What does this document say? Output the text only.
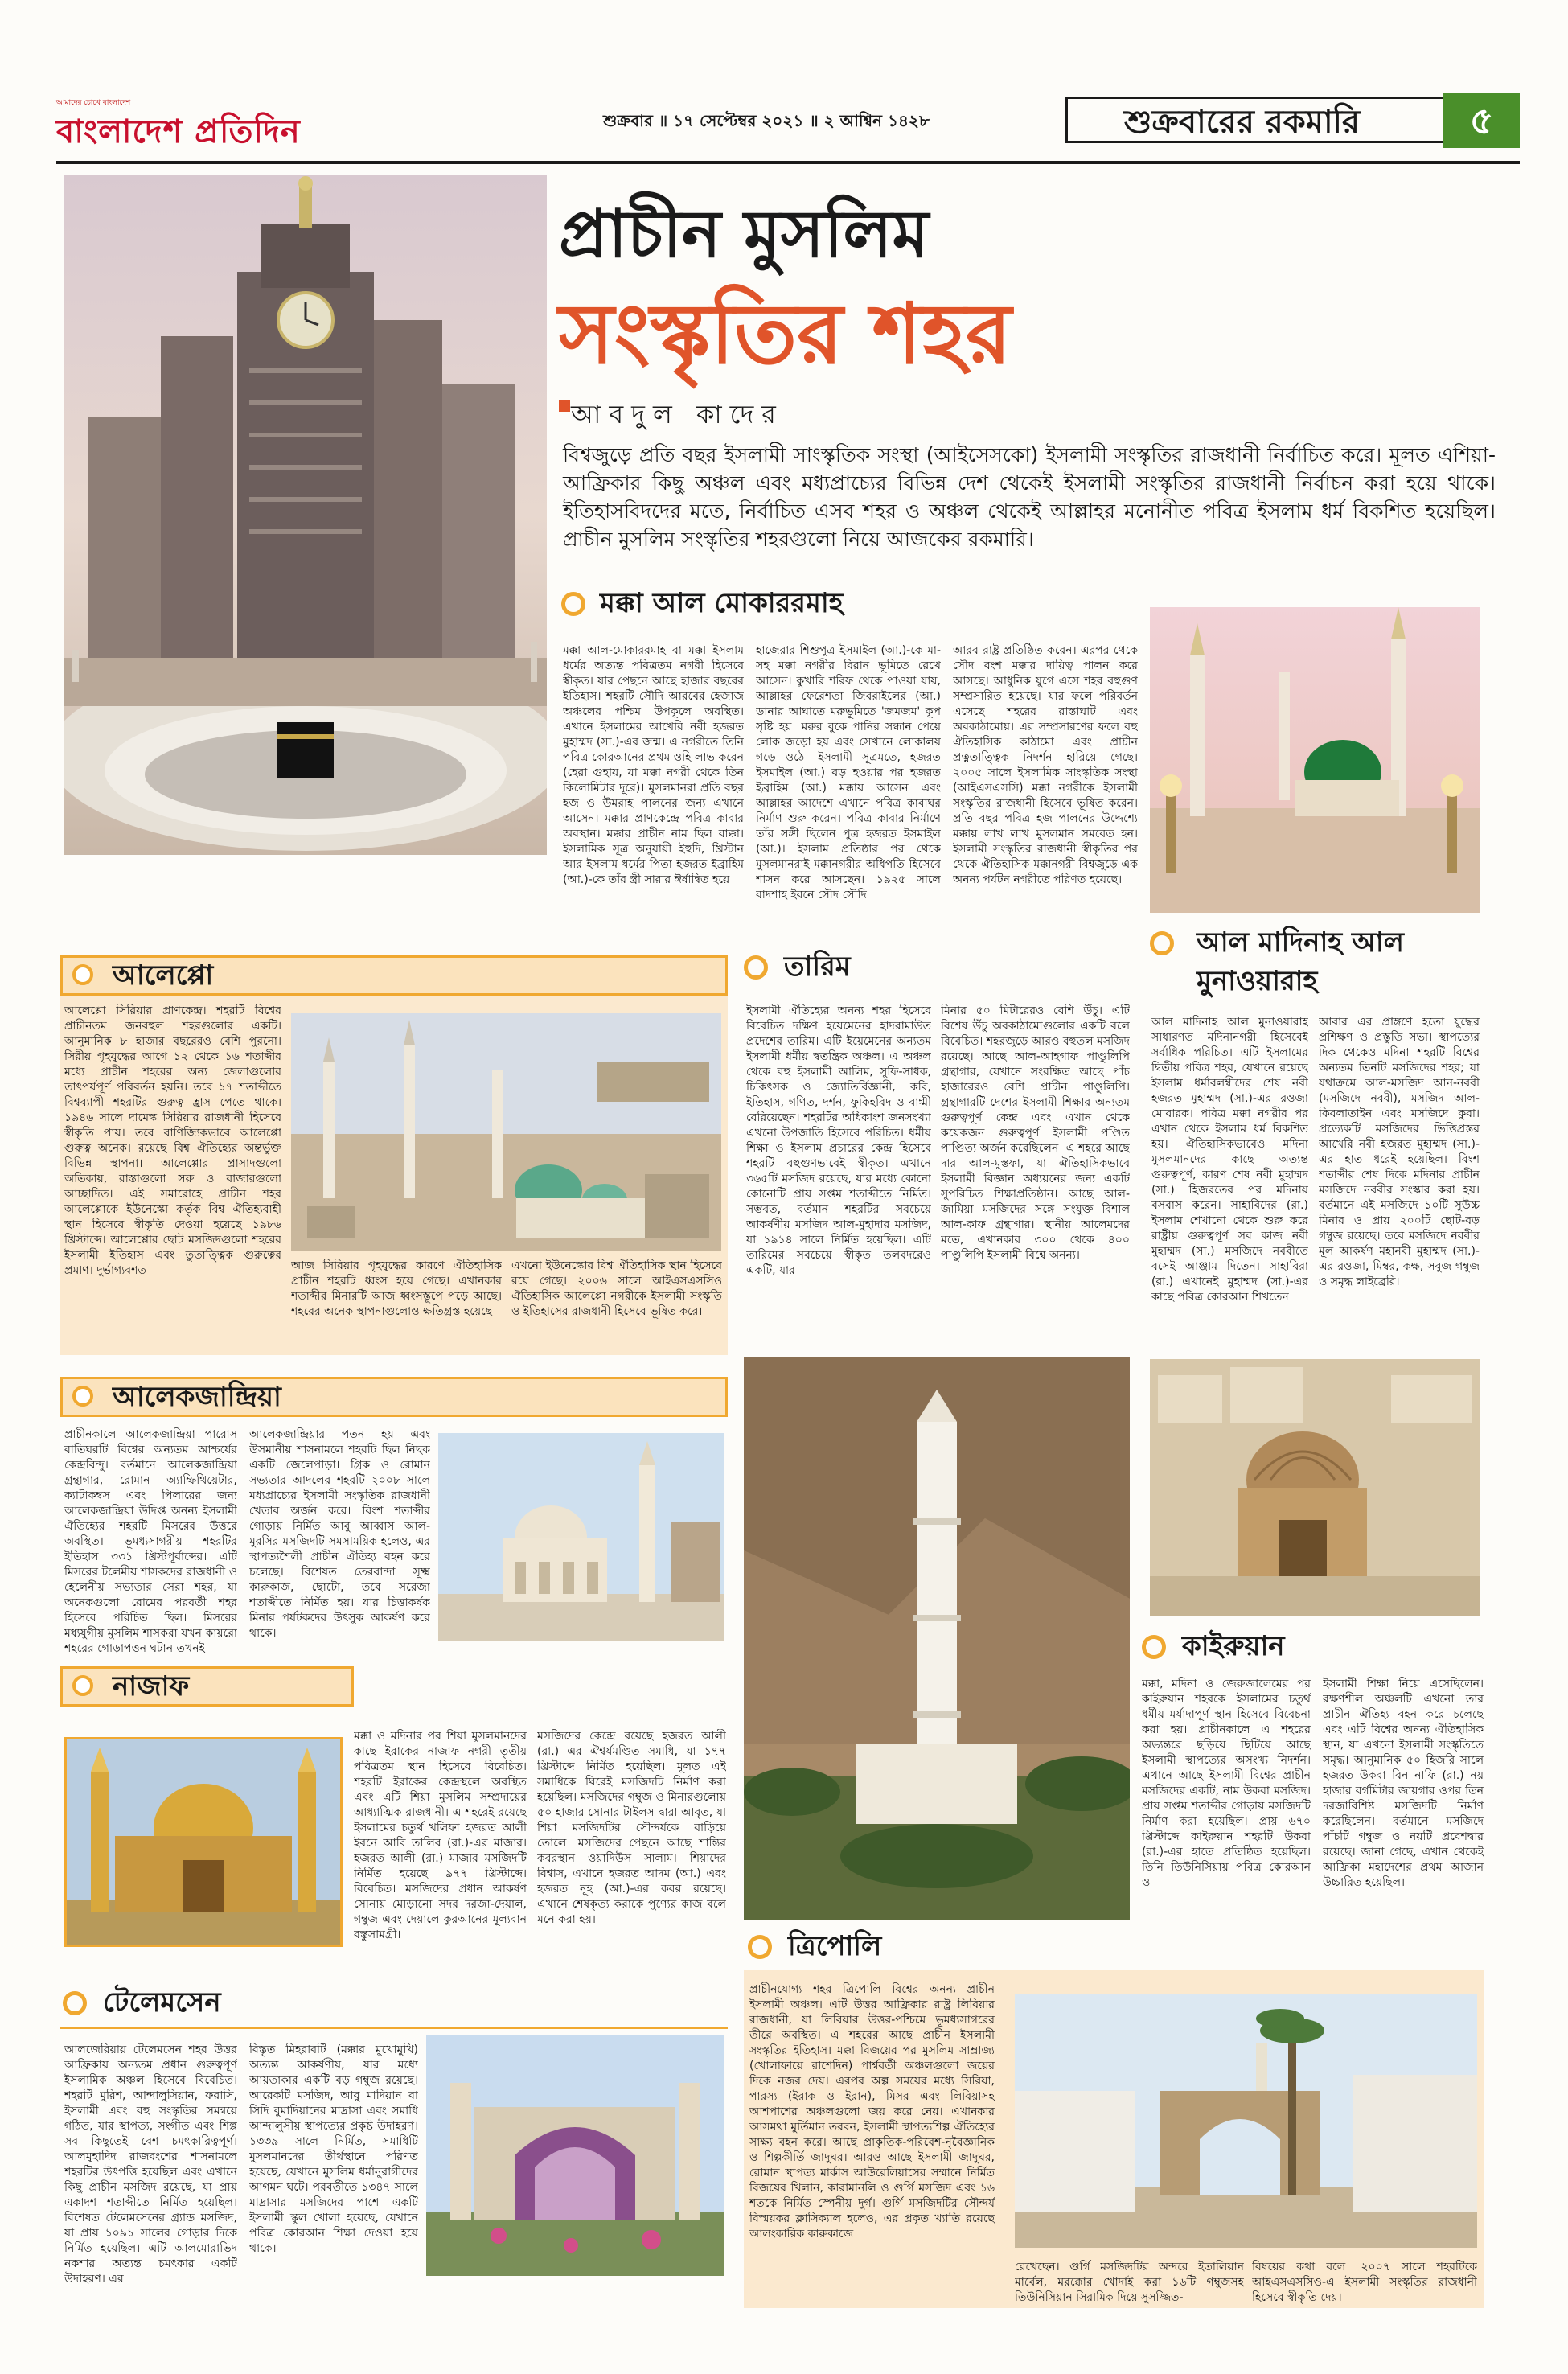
আমাদের চোখে বাংলাদেশ
বাংলাদেশ প্রতিদিন	শুক্রবার ॥ ১৭ সেপ্টেম্বর ২০২১ ॥ ২ আশ্বিন ১৪২৮	শুক্রবারের রকমারি	৫
প্রাচীন মুসলিম
সংস্কৃতির শহর
আবদুল কাদের
বিশ্বজুড়ে প্রতি বছর ইসলামী সাংস্কৃতিক সংস্থা (আইসেসকো) ইসলামী সংস্কৃতির রাজধানী নির্বাচিত করে। মূলত এশিয়া-আফ্রিকার কিছু অঞ্চল এবং মধ্যপ্রাচ্যের বিভিন্ন দেশ থেকেই ইসলামী সংস্কৃতির রাজধানী নির্বাচন করা হয়ে থাকে। ইতিহাসবিদদের মতে, নির্বাচিত এসব শহর ও অঞ্চল থেকেই আল্লাহর মনোনীত পবিত্র ইসলাম ধর্ম বিকশিত হয়েছিল। প্রাচীন মুসলিম সংস্কৃতির শহরগুলো নিয়ে আজকের রকমারি।
মক্কা আল মোকাররমাহ
মক্কা আল-মোকাররমাহ বা মক্কা ইসলাম ধর্মের অত্যন্ত পবিত্রতম নগরী হিসেবে স্বীকৃত। যার পেছনে আছে হাজার বছরের ইতিহাস। শহরটি সৌদি আরবের হেজাজ অঞ্চলের পশ্চিম উপকূলে অবস্থিত। এখানে ইসলামের আখেরি নবী হজরত মুহাম্মদ (সা.)-এর জন্ম। এ নগরীতে তিনি পবিত্র কোরআনের প্রথম ওহি লাভ করেন (হেরা গুহায়, যা মক্কা নগরী থেকে তিন কিলোমিটার দূরে)। মুসলমানরা প্রতি বছর হজ ও উমরাহ পালনের জন্য এখানে আসেন। মক্কার প্রাণকেন্দ্রে পবিত্র কাবার অবস্থান। মক্কার প্রাচীন নাম ছিল বাক্কা। ইসলামিক সূত্র অনুযায়ী ইহুদি, খ্রিস্টান আর ইসলাম ধর্মের পিতা হজরত ইব্রাহিম (আ.)-কে তাঁর স্ত্রী সারার ঈর্ষান্বিত হয়ে
হাজেরার শিশুপুত্র ইসমাইল (আ.)-কে মা-সহ মক্কা নগরীর বিরান ভূমিতে রেখে আসেন। কুখারি শরিফ থেকে পাওয়া যায়, আল্লাহর ফেরেশতা জিবরাইলের (আ.) ডানার আঘাতে মরুভূমিতে 'জমজম' কূপ সৃষ্টি হয়। মরুর বুকে পানির সন্ধান পেয়ে লোক জড়ো হয় এবং সেখানে লোকালয় গড়ে ওঠে। ইসলামী সূত্রমতে, হজরত ইসমাইল (আ.) বড় হওয়ার পর হজরত ইব্রাহিম (আ.) মক্কায় আসেন এবং আল্লাহর আদেশে এখানে পবিত্র কাবাঘর নির্মাণ শুরু করেন। পবিত্র কাবার নির্মাণে তাঁর সঙ্গী ছিলেন পুত্র হজরত ইসমাইল (আ.)। ইসলাম প্রতিষ্ঠার পর থেকে মুসলমানরাই মক্কানগরীর অধিপতি হিসেবে শাসন করে আসছেন। ১৯২৫ সালে বাদশাহ ইবনে সৌদ সৌদি
আরব রাষ্ট্র প্রতিষ্ঠিত করেন। এরপর থেকে সৌদ বংশ মক্কার দায়িত্ব পালন করে আসছে। আধুনিক যুগে এসে শহর বহুগুণ সম্প্রসারিত হয়েছে। যার ফলে পরিবর্তন এসেছে শহরের রাস্তাঘাট এবং অবকাঠামোয়। এর সম্প্রসারণের ফলে বহু ঐতিহাসিক কাঠামো এবং প্রাচীন প্রত্নতাত্ত্বিক নিদর্শন হারিয়ে গেছে। ২০০৫ সালে ইসলামিক সাংস্কৃতিক সংস্থা (আইএসএসসি) মক্কা নগরীকে ইসলামী সংস্কৃতির রাজধানী হিসেবে ভূষিত করেন। প্রতি বছর পবিত্র হজ পালনের উদ্দেশ্যে মক্কায় লাখ লাখ মুসলমান সমবেত হন। ইসলামী সংস্কৃতির রাজধানী স্বীকৃতির পর থেকে ঐতিহাসিক মক্কানগরী বিশ্বজুড়ে এক অনন্য পর্যটন নগরীতে পরিণত হয়েছে।
আল মাদিনাহ আল
মুনাওয়ারাহ
আল মাদিনাহ আল মুনাওয়ারাহ সাধারণত মদিনানগরী হিসেবেই সর্বাধিক পরিচিত। এটি ইসলামের দ্বিতীয় পবিত্র শহর, যেখানে রয়েছে ইসলাম ধর্মাবলম্বীদের শেষ নবী হজরত মুহাম্মদ (সা.)-এর রওজা মোবারক। পবিত্র মক্কা নগরীর পর এখান থেকে ইসলাম ধর্ম বিকশিত হয়। ঐতিহাসিকভাবেও মদিনা মুসলমানদের কাছে অত্যন্ত গুরুত্বপূর্ণ, কারণ শেষ নবী মুহাম্মদ (সা.) হিজরতের পর মদিনায় বসবাস করেন। সাহাবিদের (রা.) ইসলাম শেখানো থেকে শুরু করে রাষ্ট্রীয় গুরুত্বপূর্ণ সব কাজ নবী মুহাম্মদ (সা.) মসজিদে নববীতে বসেই আঞ্জাম দিতেন। সাহাবিরা (রা.) এখানেই মুহাম্মদ (সা.)-এর কাছে পবিত্র কোরআন শিখতেন
আবার এর প্রাঙ্গণে হতো যুদ্ধের প্রশিক্ষণ ও প্রস্তুতি সভা। স্থাপত্যের দিক থেকেও মদিনা শহরটি বিশ্বের অন্যতম তিনটি মসজিদের শহর; যা যথাক্রমে আল-মসজিদ আন-নববী (মসজিদে নববী), মসজিদ আল-কিবলাতাইন এবং মসজিদে কুবা। প্রত্যেকটি মসজিদের ভিত্তিপ্রস্তর আখেরি নবী হজরত মুহাম্মদ (সা.)-এর হাত ধরেই হয়েছিল। বিংশ শতাব্দীর শেষ দিকে মদিনার প্রাচীন মসজিদে নববীর সংস্কার করা হয়। বর্তমানে এই মসজিদে ১০টি সুউচ্চ মিনার ও প্রায় ২০০টি ছোট-বড় গম্বুজ রয়েছে। তবে মসজিদে নববীর মূল আকর্ষণ মহানবী মুহাম্মদ (সা.)-এর রওজা, মিম্বর, কক্ষ, সবুজ গম্বুজ ও সমৃদ্ধ লাইব্রেরি।
আলেপ্পো
আলেপ্পো সিরিয়ার প্রাণকেন্দ্র। শহরটি বিশ্বের প্রাচীনতম জনবহুল শহরগুলোর একটি। আনুমানিক ৮ হাজার বছরেরও বেশি পুরনো। সিরীয় গৃহযুদ্ধের আগে ১২ থেকে ১৬ শতাব্দীর মধ্যে প্রাচীন শহরের অন্য জেলাগুলোর তাৎপর্যপূর্ণ পরিবর্তন হয়নি। তবে ১৭ শতাব্দীতে বিশ্বব্যাপী শহরটির গুরুত্ব হ্রাস পেতে থাকে। ১৯৪৬ সালে দামেস্ক সিরিয়ার রাজধানী হিসেবে স্বীকৃতি পায়। তবে বাণিজ্যিকভাবে আলেপ্পো গুরুত্ব অনেক। রয়েছে বিশ্ব ঐতিহ্যের অন্তর্ভুক্ত বিভিন্ন স্থাপনা। আলেপ্পোর প্রাসাদগুলো অতিকায়, রাস্তাগুলো সরু ও বাজারগুলো আচ্ছাদিত। এই সমারোহে প্রাচীন শহর আলেপ্পোকে ইউনেস্কো কর্তৃক বিশ্ব ঐতিহ্যবাহী স্থান হিসেবে স্বীকৃতি দেওয়া হয়েছে ১৯৮৬ খ্রিস্টাব্দে। আলেপ্পোর ছোট মসজিদগুলো শহরের ইসলামী ইতিহাস এবং তুতাত্ত্বিক গুরুত্বের প্রমাণ। দুর্ভাগ্যবশত	আজ সিরিয়ার গৃহযুদ্ধের কারণে ঐতিহাসিক প্রাচীন শহরটি ধ্বংস হয়ে গেছে। এখানকার শতাব্দীর মিনারটি আজ ধ্বংসস্তূপে পড়ে আছে। শহরের অনেক স্থাপনাগুলোও ক্ষতিগ্রস্ত হয়েছে।
এখনো ইউনেস্কোর বিশ্ব ঐতিহাসিক স্থান হিসেবে রয়ে গেছে। ২০০৬ সালে আইএসএসসিও ঐতিহাসিক আলেপ্পো নগরীকে ইসলামী সংস্কৃতি ও ইতিহাসের রাজধানী হিসেবে ভূষিত করে।
তারিম
ইসলামী ঐতিহ্যের অনন্য শহর হিসেবে বিবেচিত দক্ষিণ ইয়েমেনের হাদরামাউত প্রদেশের তারিম। এটি ইয়েমেনের অন্যতম ইসলামী ধর্মীয় স্বতন্ত্রিক অঞ্চল। এ অঞ্চল থেকে বহু ইসলামী আলিম, সুফি-সাধক, চিকিৎসক ও জ্যোতির্বিজ্ঞানী, কবি, ইতিহাস, গণিত, দর্শন, ফুকিহবিদ ও বাগ্মী বেরিয়েছেন। শহরটির অধিকাংশ জনসংখ্যা এখনো উপজাতি হিসেবে পরিচিত। ধর্মীয় শিক্ষা ও ইসলাম প্রচারের কেন্দ্র হিসেবে শহরটি বহুগুণভাবেই স্বীকৃত। এখানে ৩৬৫টি মসজিদ রয়েছে, যার মধ্যে কোনো কোনোটি প্রায় সপ্তম শতাব্দীতে নির্মিত। সম্ভবত, বর্তমান শহরটির সবচেয়ে আকর্ষণীয় মসজিদ আল-মুহাদার মসজিদ, যা ১৯১৪ সালে নির্মিত হয়েছিল। এটি তারিমের সবচেয়ে স্বীকৃত তলবদরেও একটি, যার
মিনার ৫০ মিটারেরও বেশি উঁচু। এটি বিশেষ উঁচু অবকাঠামোগুলোর একটি বলে বিবেচিত। শহরজুড়ে আরও বহুতল মসজিদ রয়েছে। আছে আল-আহগাফ পাণ্ডুলিপি গ্রন্থাগার, যেখানে সংরক্ষিত আছে পাঁচ হাজারেরও বেশি প্রাচীন পাণ্ডুলিপি। গ্রন্থাগারটি দেশের ইসলামী শিক্ষার অন্যতম গুরুত্বপূর্ণ কেন্দ্র এবং এখান থেকে কয়েকজন গুরুত্বপূর্ণ ইসলামী পণ্ডিত পাণ্ডিত্য অর্জন করেছিলেন। এ শহরে আছে দার আল-মুস্তফা, যা ঐতিহাসিকভাবে ইসলামী বিজ্ঞান অধ্যয়নের জন্য একটি সুপরিচিত শিক্ষাপ্রতিষ্ঠান। আছে আল-জামিয়া মসজিদের সঙ্গে সংযুক্ত বিশাল আল-কাফ গ্রন্থাগার। স্থানীয় আলেমদের মতে, এখানকার ৩০০ থেকে ৪০০ পাণ্ডুলিপি ইসলামী বিশ্বে অনন্য।
আলেকজান্দ্রিয়া
প্রাচীনকালে আলেকজান্দ্রিয়া পারোস বাতিঘরটি বিশ্বের অন্যতম আশ্চর্যের কেন্দ্রবিন্দু। বর্তমানে আলেকজান্দ্রিয়া গ্রন্থাগার, রোমান অ্যাম্ফিথিয়েটার, ক্যাটাকম্বস এবং পিলারের জন্য আলেকজান্দ্রিয়া উদিপ্ত অনন্য ইসলামী ঐতিহ্যের শহরটি মিসরের উত্তরে অবস্থিত। ভূমধ্যসাগরীয় শহরটির ইতিহাস ৩৩১ খ্রিস্টপূর্বাব্দের। এটি মিসরের টলেমীয় শাসকদের রাজধানী ও হেলেনীয় সভ্যতার সেরা শহর, যা অনেকগুলো রোমের পরবর্তী শহর হিসেবে পরিচিত ছিল। মিসরের মধ্যযুগীয় মুসলিম শাসকরা যখন কায়রো শহরের গোড়াপত্তন ঘটান তখনই
আলেকজান্দ্রিয়ার পতন হয় এবং উসমানীয় শাসনামলে শহরটি ছিল নিছক একটি জেলেপাড়া। গ্রিক ও রোমান সভ্যতার আদলের শহরটি ২০০৮ সালে মধ্যপ্রাচ্যের ইসলামী সংস্কৃতিক রাজধানী খেতাব অর্জন করে। বিংশ শতাব্দীর গোড়ায় নির্মিত আবু আব্বাস আল-মুরসির মসজিদটি সমসাময়িক হলেও, এর স্থাপত্যশৈলী প্রাচীন ঐতিহ্য বহন করে চলেছে। বিশেষত তেরবান্দা সূক্ষ্ম কারুকাজ, ছোটো, তবে সরেজা শতাব্দীতে নির্মিত হয়। যার চিত্তাকর্ষক মিনার পর্যটকদের উৎসুক আকর্ষণ করে থাকে।
নাজাফ
মক্কা ও মদিনার পর শিয়া মুসলমানদের কাছে ইরাকের নাজাফ নগরী তৃতীয় পবিত্রতম স্থান হিসেবে বিবেচিত। শহরটি ইরাকের কেন্দ্রস্থলে অবস্থিত এবং এটি শিয়া মুসলিম সম্প্রদায়ের আধ্যাত্মিক রাজধানী। এ শহরেই রয়েছে ইসলামের চতুর্থ খলিফা হজরত আলী ইবনে আবি তালিব (রা.)-এর মাজার। হজরত আলী (রা.) মাজার মসজিদটি নির্মিত হয়েছে ৯৭৭ খ্রিস্টাব্দে। বিবেচিত। মসজিদের প্রধান আকর্ষণ সোনায় মোড়ানো সদর দরজা-দেয়াল, গম্বুজ এবং দেয়ালে কুরআনের মূল্যবান বস্তুসামগ্রী।
মসজিদের কেন্দ্রে রয়েছে হজরত আলী (রা.) এর ঐশ্বর্যমণ্ডিত সমাধি, যা ১৭৭ খ্রিস্টাব্দে নির্মিত হয়েছিল। মূলত এই সমাধিকে ঘিরেই মসজিদটি নির্মাণ করা হয়েছিল। মসজিদের গম্বুজ ও মিনারগুলোয় ৫০ হাজার সোনার টাইলস দ্বারা আবৃত, যা শিয়া মসজিদটির সৌন্দর্যকে বাড়িয়ে তোলে। মসজিদের পেছনে আছে শান্তির কবরস্থান ওয়াদিউস সালাম। শিয়াদের বিশ্বাস, এখানে হজরত আদম (আ.) এবং হজরত নূহ (আ.)-এর কবর রয়েছে। এখানে শেষকৃত্য করাকে পুণ্যের কাজ বলে মনে করা হয়।
কাইরুয়ান
মক্কা, মদিনা ও জেরুজালেমের পর কাইরুয়ান শহরকে ইসলামের চতুর্থ ধর্মীয় মর্যাদাপূর্ণ স্থান হিসেবে বিবেচনা করা হয়। প্রাচীনকালে এ শহরের অভ্যন্তরে ছড়িয়ে ছিটিয়ে আছে ইসলামী স্থাপত্যের অসংখ্য নিদর্শন। এখানে আছে ইসলামী বিশ্বের প্রাচীন মসজিদের একটি, নাম উকবা মসজিদ। প্রায় সপ্তম শতাব্দীর গোড়ায় মসজিদটি নির্মাণ করা হয়েছিল। প্রায় ৬৭০ খ্রিস্টাব্দে কাইরুয়ান শহরটি উকবা (রা.)-এর হাতে প্রতিষ্ঠিত হয়েছিল। তিনি তিউনিসিয়ায় পবিত্র কোরআন ও
ইসলামী শিক্ষা নিয়ে এসেছিলেন। রক্ষণশীল অঞ্চলটি এখনো তার প্রাচীন ঐতিহ্য বহন করে চলেছে এবং এটি বিশ্বের অনন্য ঐতিহাসিক স্থান, যা এখনো ইসলামী সংস্কৃতিতে সমৃদ্ধ। আনুমানিক ৫০ হিজরি সালে হজরত উকবা বিন নাফি (রা.) নয় হাজার বর্গমিটার জায়গার ওপর তিন দরজাবিশিষ্ট মসজিদটি নির্মাণ করেছিলেন। বর্তমানে মসজিদে পাঁচটি গম্বুজ ও নয়টি প্রবেশদ্বার রয়েছে। জানা গেছে, এখান থেকেই আফ্রিকা মহাদেশের প্রথম আজান উচ্চারিত হয়েছিল।
ত্রিপোলি
প্রাচীনযোগ্য শহর ত্রিপোলি বিশ্বের অনন্য প্রাচীন ইসলামী অঞ্চল। এটি উত্তর আফ্রিকার রাষ্ট্র লিবিয়ার রাজধানী, যা লিবিয়ার উত্তর-পশ্চিমে ভূমধ্যসাগরের তীরে অবস্থিত। এ শহরের আছে প্রাচীন ইসলামী সংস্কৃতির ইতিহাস। মক্কা বিজয়ের পর মুসলিম সাম্রাজ্য (খোলাফায়ে রাশেদিন) পার্শ্ববর্তী অঞ্চলগুলো জয়ের দিকে নজর দেয়। এরপর অল্প সময়ের মধ্যে সিরিয়া, পারস্য (ইরাক ও ইরান), মিসর এবং লিবিয়াসহ আশপাশের অঞ্চলগুলো জয় করে নেয়। এখানকার আসমথা মুর্তিমান তরবন, ইসলামী স্থাপত্যশিল্প ঐতিহ্যের সাক্ষ্য বহন করে। আছে প্রাকৃতিক-পরিবেশ-নৃবৈজ্ঞানিক ও শিল্পকীর্তি জাদুঘর। আরও আছে ইসলামী জাদুঘর, রোমান স্থাপত্য মার্কাস আউরেলিয়াসের সম্মানে নির্মিত বিজয়ের খিলান, কারামানলি ও গুর্গি মসজিদ এবং ১৬ শতকে নির্মিত স্পেনীয় দুর্গ। গুর্গি মসজিদটির সৌন্দর্য বিস্ময়কর ক্লাসিক্যাল হলেও, এর প্রকৃত খ্যাতি রয়েছে আলংকারিক কারুকাজে।
রেখেছেন। গুর্গি মসজিদটির অন্দরে ইতালিয়ান মার্বেল, মরক্কোর খোদাই করা ১৬টি গম্বুজসহ তিউনিসিয়ান সিরামিক দিয়ে সুসজ্জিত-
বিষয়ের কথা বলে। ২০০৭ সালে শহরটিকে আইএসএসসিও-এ ইসলামী সংস্কৃতির রাজধানী হিসেবে স্বীকৃতি দেয়।
টেলেমসেন
আলজেরিয়ায় টেলেমসেন শহর উত্তর আফ্রিকায় অন্যতম প্রধান গুরুত্বপূর্ণ ইসলামিক অঞ্চল হিসেবে বিবেচিত। শহরটি মুরিশ, আন্দালুসিয়ান, ফরাসি, ইসলামী এবং বহু সংস্কৃতির সমন্বয়ে গঠিত, যার স্থাপত্য, সংগীত এবং শিল্প সব কিছুতেই বেশ চমৎকারিত্বপূর্ণ। আলমুহাদিদ রাজবংশের শাসনামলে শহরটির উৎপত্তি হয়েছিল এবং এখানে কিছু প্রাচীন মসজিদ রয়েছে, যা প্রায় একাদশ শতাব্দীতে নির্মিত হয়েছিল। বিশেষত টেলেমসেনের গ্র্যান্ড মসজিদ, যা প্রায় ১০৯১ সালের গোড়ার দিকে নির্মিত হয়েছিল। এটি আলমোরাভিদ নকশার অত্যন্ত চমৎকার একটি উদাহরণ। এর
বিস্তৃত মিহরাবটি (মক্কার মুখোমুখি) অত্যন্ত আকর্ষণীয়, যার মধ্যে আয়তাকার একটি বড় গম্বুজ রয়েছে। আরেকটি মসজিদ, আবু মাদিয়ান বা সিদি বুমাদিয়ানের মাদ্রাসা এবং সমাধি আন্দালুসীয় স্থাপত্যের প্রকৃষ্ট উদাহরণ। ১৩৩৯ সালে নির্মিত, সমাধিটি মুসলমানদের তীর্থস্থানে পরিণত হয়েছে, যেখানে মুসলিম ধর্মানুরাগীদের আগমন ঘটে। পরবর্তীতে ১৩৪৭ সালে মাদ্রাসার মসজিদের পাশে একটি ইসলামী স্কুল খোলা হয়েছে, যেখানে পবিত্র কোরআন শিক্ষা দেওয়া হয়ে থাকে।
